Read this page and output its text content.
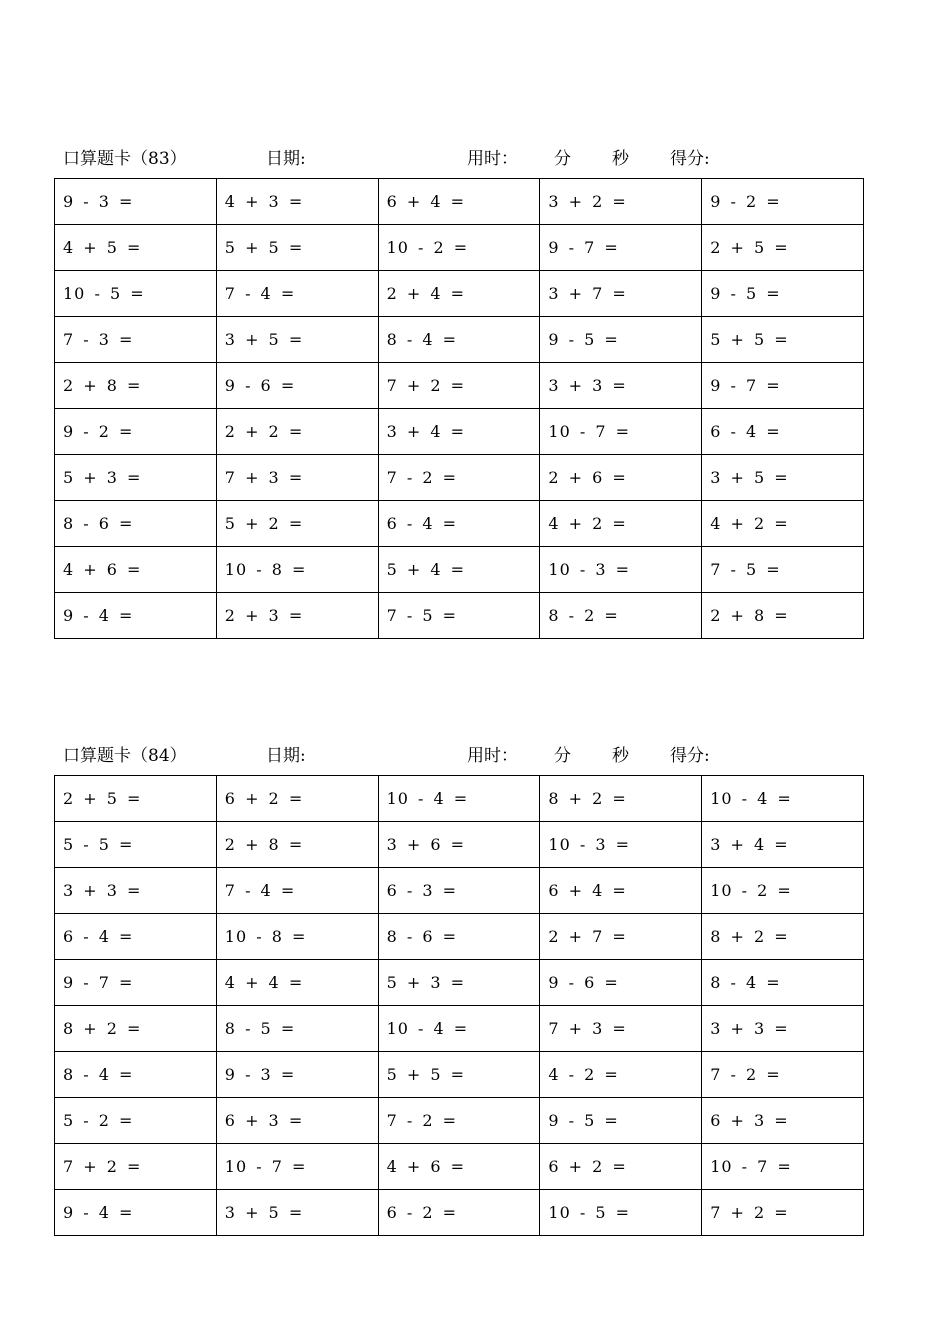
口算题卡（83）	日期:	用时： 分 秒 得分:
9 - 3 =	4 + 3 =	6 + 4 =	3 + 2 =	9 - 2 =
4 + 5 =	5 + 5 =	10 - 2 =	9 - 7 =	2 + 5 =
10 - 5 =	7 - 4 =	2 + 4 =	3 + 7 =	9 - 5 =
7 - 3 =	3 + 5 =	8 - 4 =	9 - 5 =	5 + 5 =
2 + 8 =	9 - 6 =	7 + 2 =	3 + 3 =	9 - 7 =
9 - 2 =	2 + 2 =	3 + 4 =	10 - 7 =	6 - 4 =
5 + 3 =	7 + 3 =	7 - 2 =	2 + 6 =	3 + 5 =
8 - 6 =	5 + 2 =	6 - 4 =	4 + 2 =	4 + 2 =
4 + 6 =	10 - 8 =	5 + 4 =	10 - 3 =	7 - 5 =
9 - 4 =	2 + 3 =	7 - 5 =	8 - 2 =	2 + 8 =
口算题卡（84）	日期:	用时： 分 秒 得分:
2 + 5 =	6 + 2 =	10 - 4 =	8 + 2 =	10 - 4 =
5 - 5 =	2 + 8 =	3 + 6 =	10 - 3 =	3 + 4 =
3 + 3 =	7 - 4 =	6 - 3 =	6 + 4 =	10 - 2 =
6 - 4 =	10 - 8 =	8 - 6 =	2 + 7 =	8 + 2 =
9 - 7 =	4 + 4 =	5 + 3 =	9 - 6 =	8 - 4 =
8 + 2 =	8 - 5 =	10 - 4 =	7 + 3 =	3 + 3 =
8 - 4 =	9 - 3 =	5 + 5 =	4 - 2 =	7 - 2 =
5 - 2 =	6 + 3 =	7 - 2 =	9 - 5 =	6 + 3 =
7 + 2 =	10 - 7 =	4 + 6 =	6 + 2 =	10 - 7 =
9 - 4 =	3 + 5 =	6 - 2 =	10 - 5 =	7 + 2 =
